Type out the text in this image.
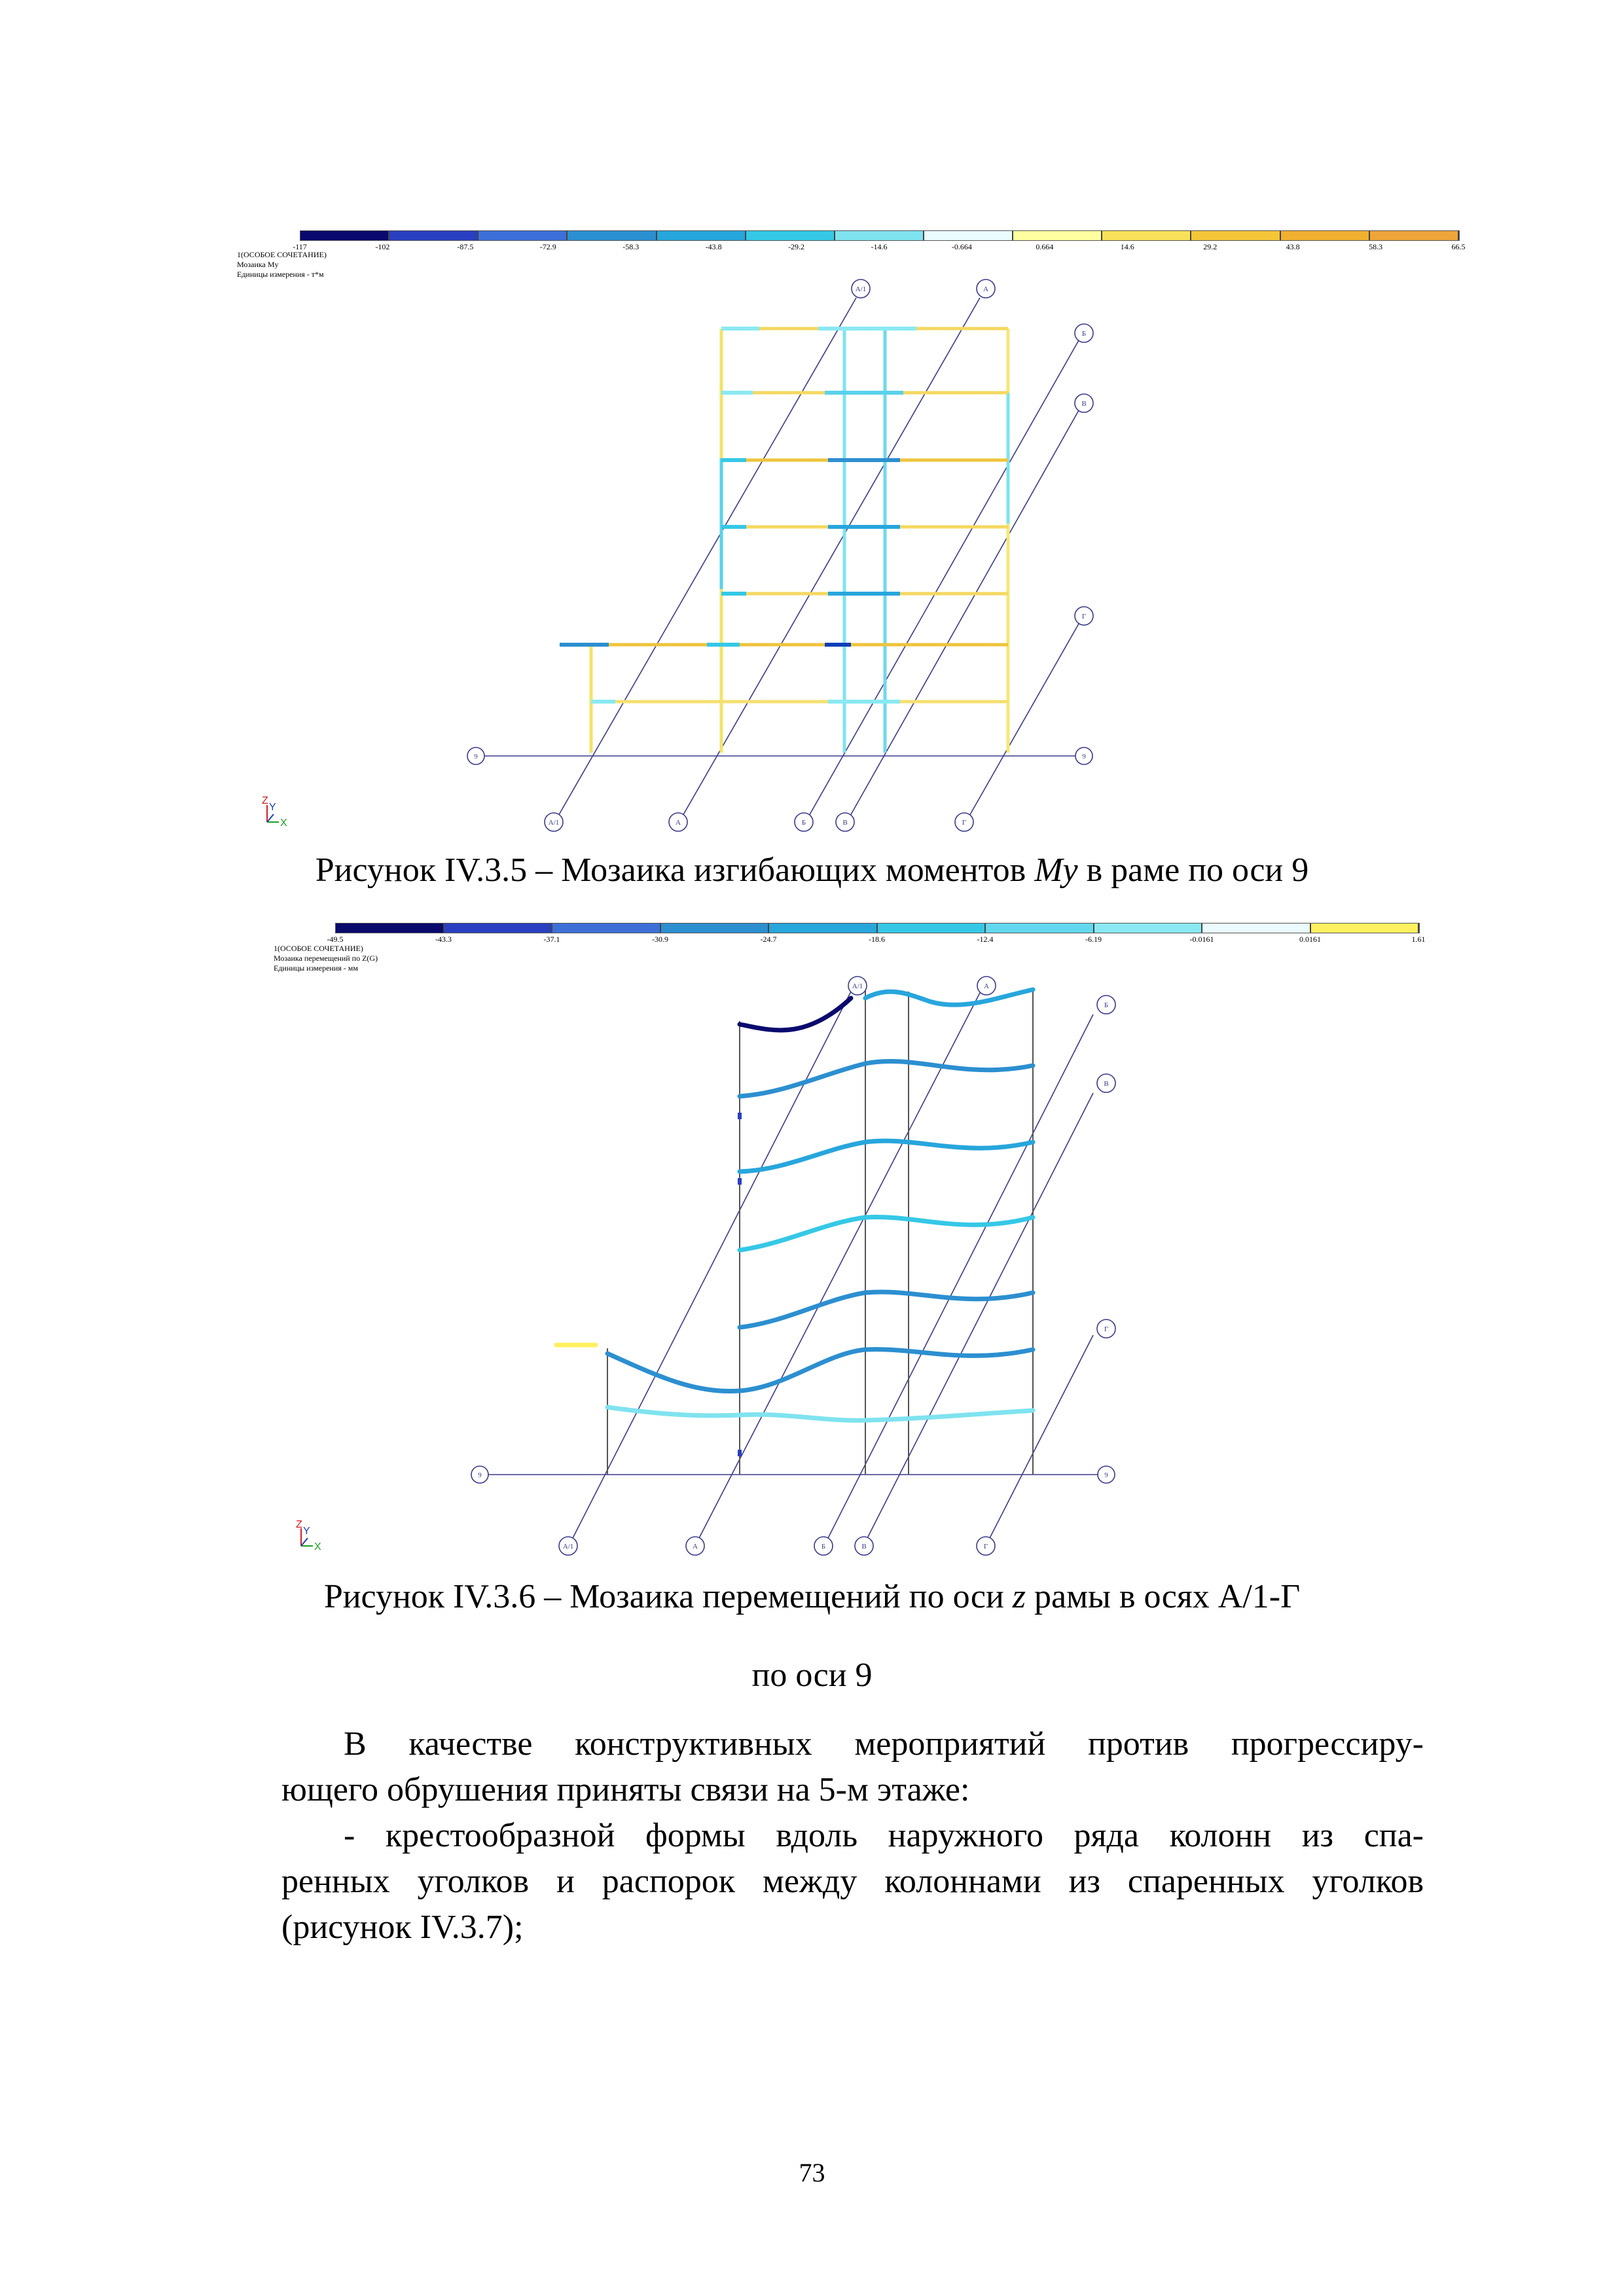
-117	-102	-87.5	-72.9	-58.3	-43.8	-29.2	-14.6	-0.664	0.664	14.6	29.2	43.8	58.3	66.5
1(ОСОБОЕ СОЧЕТАНИЕ)
Мозаика My
Единицы измерения - т*м
9	9
А/1	А
Б
В
Г
А/1	А	Б	В	Г
Z
Y
X
Рисунок IV.3.5 – Мозаика изгибающих моментов My в раме по оси 9
-49.5	-43.3	-37.1	-30.9	-24.7	-18.6	-12.4	-6.19	-0.0161	0.0161	1.61
1(ОСОБОЕ СОЧЕТАНИЕ)
Мозаика перемещений по Z(G)
Единицы измерения - мм
9	9
А/1	А
Б
В
Г
А/1	А	Б	В	Г
Z
Y
X
Рисунок IV.3.6 – Мозаика перемещений по оси z рамы в осях А/1-Г
по оси 9
В качестве конструктивных мероприятий против прогрессиру-
ющего обрушения приняты связи на 5-м этаже:
- крестообразной формы вдоль наружного ряда колонн из спа-
ренных уголков и распорок между колоннами из спаренных уголков
(рисунок IV.3.7);
73
